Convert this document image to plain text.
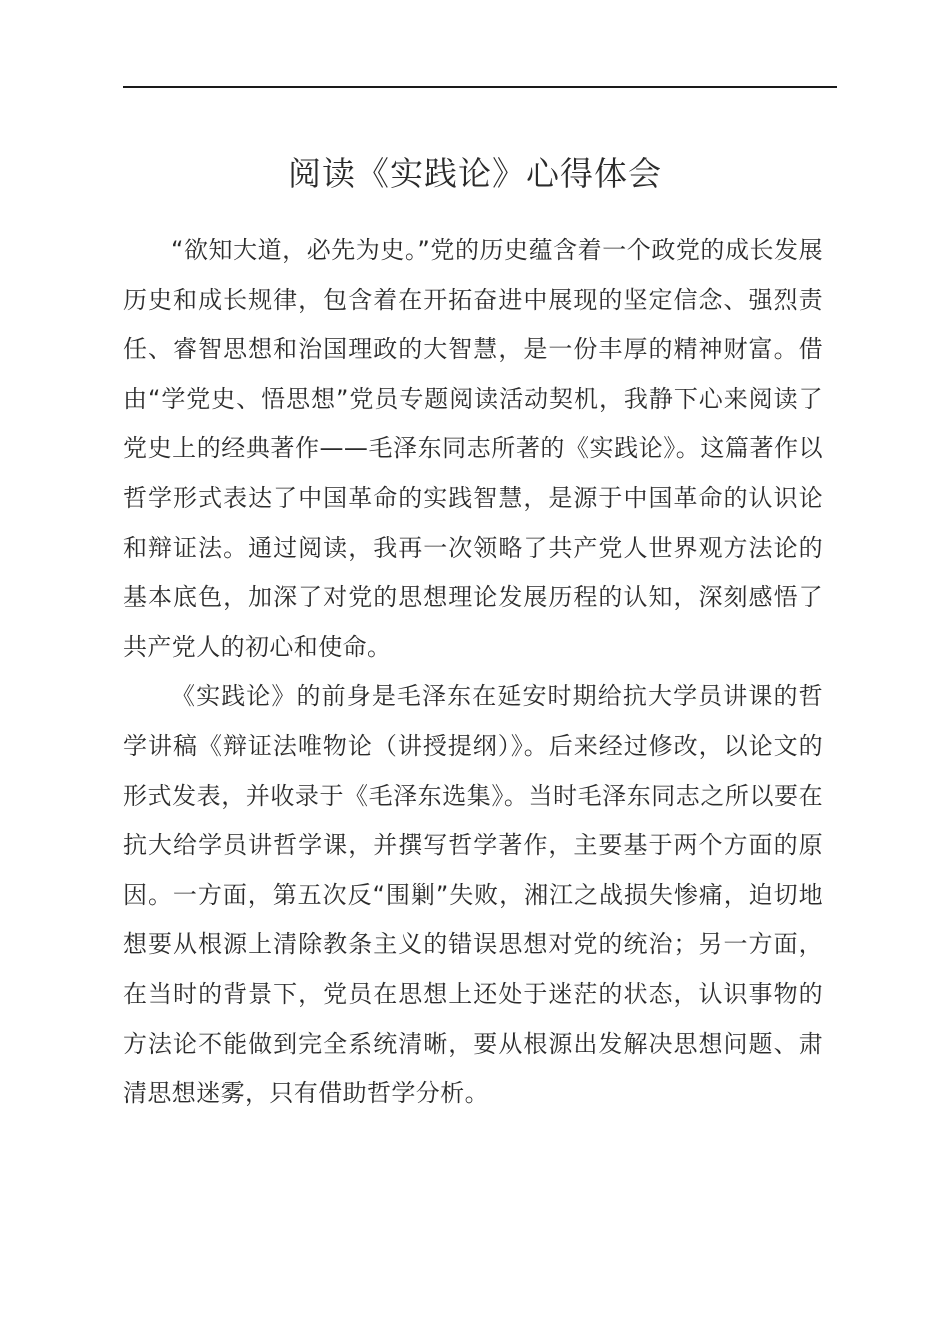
阅读《实践论》心得体会

“欲知大道，必先为史。”党的历史蕴含着一个政党的成长发展历史和成长规律，包含着在开拓奋进中展现的坚定信念、强烈责任、睿智思想和治国理政的大智慧，是一份丰厚的精神财富。借由“学党史、悟思想”党员专题阅读活动契机，我静下心来阅读了党史上的经典著作——毛泽东同志所著的《实践论》。这篇著作以哲学形式表达了中国革命的实践智慧，是源于中国革命的认识论和辩证法。通过阅读，我再一次领略了共产党人世界观方法论的基本底色，加深了对党的思想理论发展历程的认知，深刻感悟了共产党人的初心和使命。

《实践论》的前身是毛泽东在延安时期给抗大学员讲课的哲学讲稿《辩证法唯物论（讲授提纲）》。后来经过修改，以论文的形式发表，并收录于《毛泽东选集》。当时毛泽东同志之所以要在抗大给学员讲哲学课，并撰写哲学著作，主要基于两个方面的原因。一方面，第五次反“围剿”失败，湘江之战损失惨痛，迫切地想要从根源上清除教条主义的错误思想对党的统治；另一方面，在当时的背景下，党员在思想上还处于迷茫的状态，认识事物的方法论不能做到完全系统清晰，要从根源出发解决思想问题、肃清思想迷雾，只有借助哲学分析。
